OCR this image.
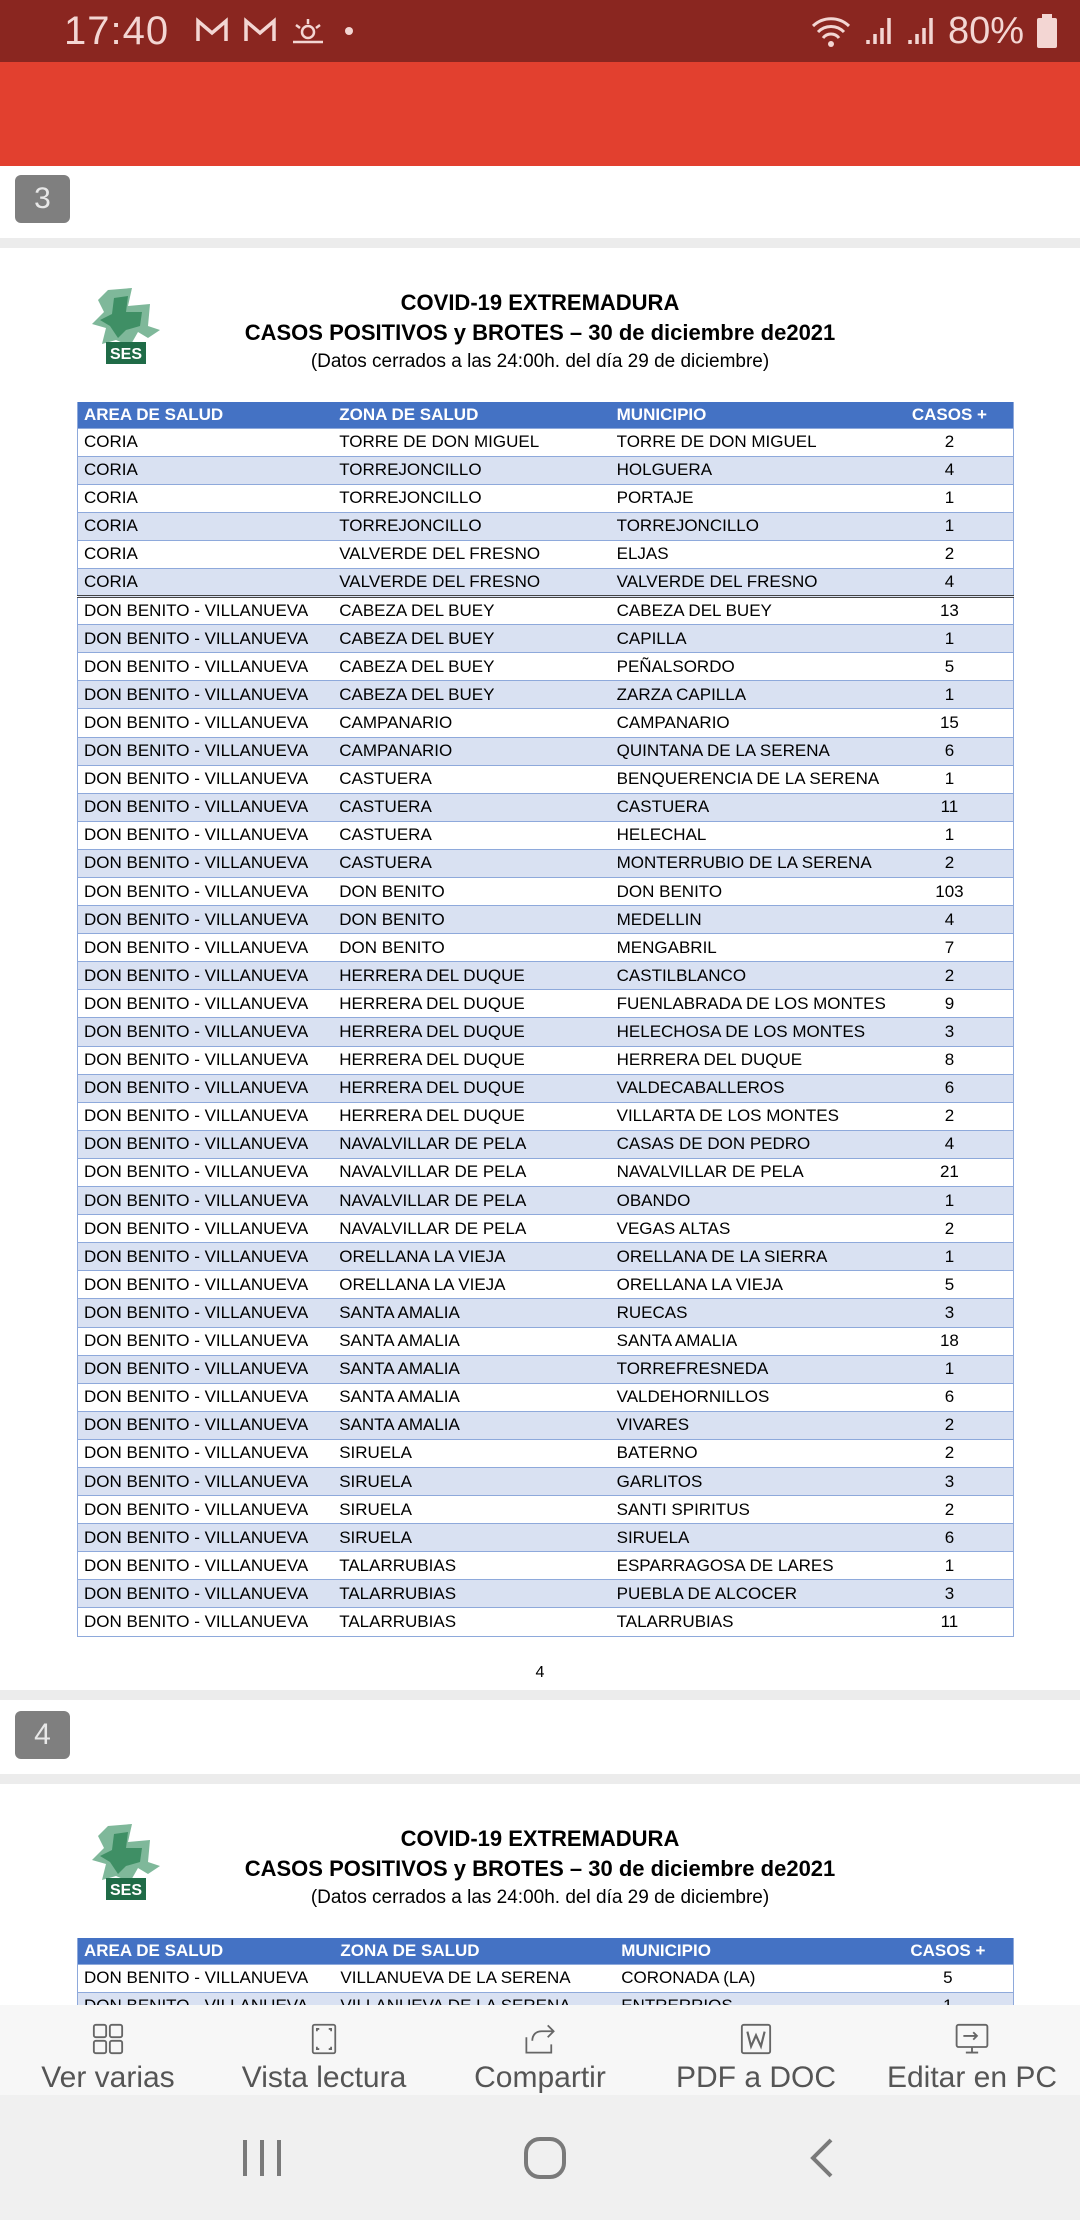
17:40	80%
3
SES
COVID-19 EXTREMADURA
CASOS POSITIVOS y BROTES – 30 de diciembre de2021
(Datos cerrados a las 24:00h. del día 29 de diciembre)
AREA DE SALUD	ZONA DE SALUD	MUNICIPIO	CASOS +
CORIA	TORRE DE DON MIGUEL	TORRE DE DON MIGUEL	2
CORIA	TORREJONCILLO	HOLGUERA	4
CORIA	TORREJONCILLO	PORTAJE	1
CORIA	TORREJONCILLO	TORREJONCILLO	1
CORIA	VALVERDE DEL FRESNO	ELJAS	2
CORIA	VALVERDE DEL FRESNO	VALVERDE DEL FRESNO	4
DON BENITO - VILLANUEVA	CABEZA DEL BUEY	CABEZA DEL BUEY	13
DON BENITO - VILLANUEVA	CABEZA DEL BUEY	CAPILLA	1
DON BENITO - VILLANUEVA	CABEZA DEL BUEY	PEÑALSORDO	5
DON BENITO - VILLANUEVA	CABEZA DEL BUEY	ZARZA CAPILLA	1
DON BENITO - VILLANUEVA	CAMPANARIO	CAMPANARIO	15
DON BENITO - VILLANUEVA	CAMPANARIO	QUINTANA DE LA SERENA	6
DON BENITO - VILLANUEVA	CASTUERA	BENQUERENCIA DE LA SERENA	1
DON BENITO - VILLANUEVA	CASTUERA	CASTUERA	11
DON BENITO - VILLANUEVA	CASTUERA	HELECHAL	1
DON BENITO - VILLANUEVA	CASTUERA	MONTERRUBIO DE LA SERENA	2
DON BENITO - VILLANUEVA	DON BENITO	DON BENITO	103
DON BENITO - VILLANUEVA	DON BENITO	MEDELLIN	4
DON BENITO - VILLANUEVA	DON BENITO	MENGABRIL	7
DON BENITO - VILLANUEVA	HERRERA DEL DUQUE	CASTILBLANCO	2
DON BENITO - VILLANUEVA	HERRERA DEL DUQUE	FUENLABRADA DE LOS MONTES	9
DON BENITO - VILLANUEVA	HERRERA DEL DUQUE	HELECHOSA DE LOS MONTES	3
DON BENITO - VILLANUEVA	HERRERA DEL DUQUE	HERRERA DEL DUQUE	8
DON BENITO - VILLANUEVA	HERRERA DEL DUQUE	VALDECABALLEROS	6
DON BENITO - VILLANUEVA	HERRERA DEL DUQUE	VILLARTA DE LOS MONTES	2
DON BENITO - VILLANUEVA	NAVALVILLAR DE PELA	CASAS DE DON PEDRO	4
DON BENITO - VILLANUEVA	NAVALVILLAR DE PELA	NAVALVILLAR DE PELA	21
DON BENITO - VILLANUEVA	NAVALVILLAR DE PELA	OBANDO	1
DON BENITO - VILLANUEVA	NAVALVILLAR DE PELA	VEGAS ALTAS	2
DON BENITO - VILLANUEVA	ORELLANA LA VIEJA	ORELLANA DE LA SIERRA	1
DON BENITO - VILLANUEVA	ORELLANA LA VIEJA	ORELLANA LA VIEJA	5
DON BENITO - VILLANUEVA	SANTA AMALIA	RUECAS	3
DON BENITO - VILLANUEVA	SANTA AMALIA	SANTA AMALIA	18
DON BENITO - VILLANUEVA	SANTA AMALIA	TORREFRESNEDA	1
DON BENITO - VILLANUEVA	SANTA AMALIA	VALDEHORNILLOS	6
DON BENITO - VILLANUEVA	SANTA AMALIA	VIVARES	2
DON BENITO - VILLANUEVA	SIRUELA	BATERNO	2
DON BENITO - VILLANUEVA	SIRUELA	GARLITOS	3
DON BENITO - VILLANUEVA	SIRUELA	SANTI SPIRITUS	2
DON BENITO - VILLANUEVA	SIRUELA	SIRUELA	6
DON BENITO - VILLANUEVA	TALARRUBIAS	ESPARRAGOSA DE LARES	1
DON BENITO - VILLANUEVA	TALARRUBIAS	PUEBLA DE ALCOCER	3
DON BENITO - VILLANUEVA	TALARRUBIAS	TALARRUBIAS	11
4
4
SES
COVID-19 EXTREMADURA
CASOS POSITIVOS y BROTES – 30 de diciembre de2021
(Datos cerrados a las 24:00h. del día 29 de diciembre)
AREA DE SALUD	ZONA DE SALUD	MUNICIPIO	CASOS +
DON BENITO - VILLANUEVA	VILLANUEVA DE LA SERENA	CORONADA (LA)	5

Ver varias Vista lectura Compartir PDF a DOC Editar en PC
